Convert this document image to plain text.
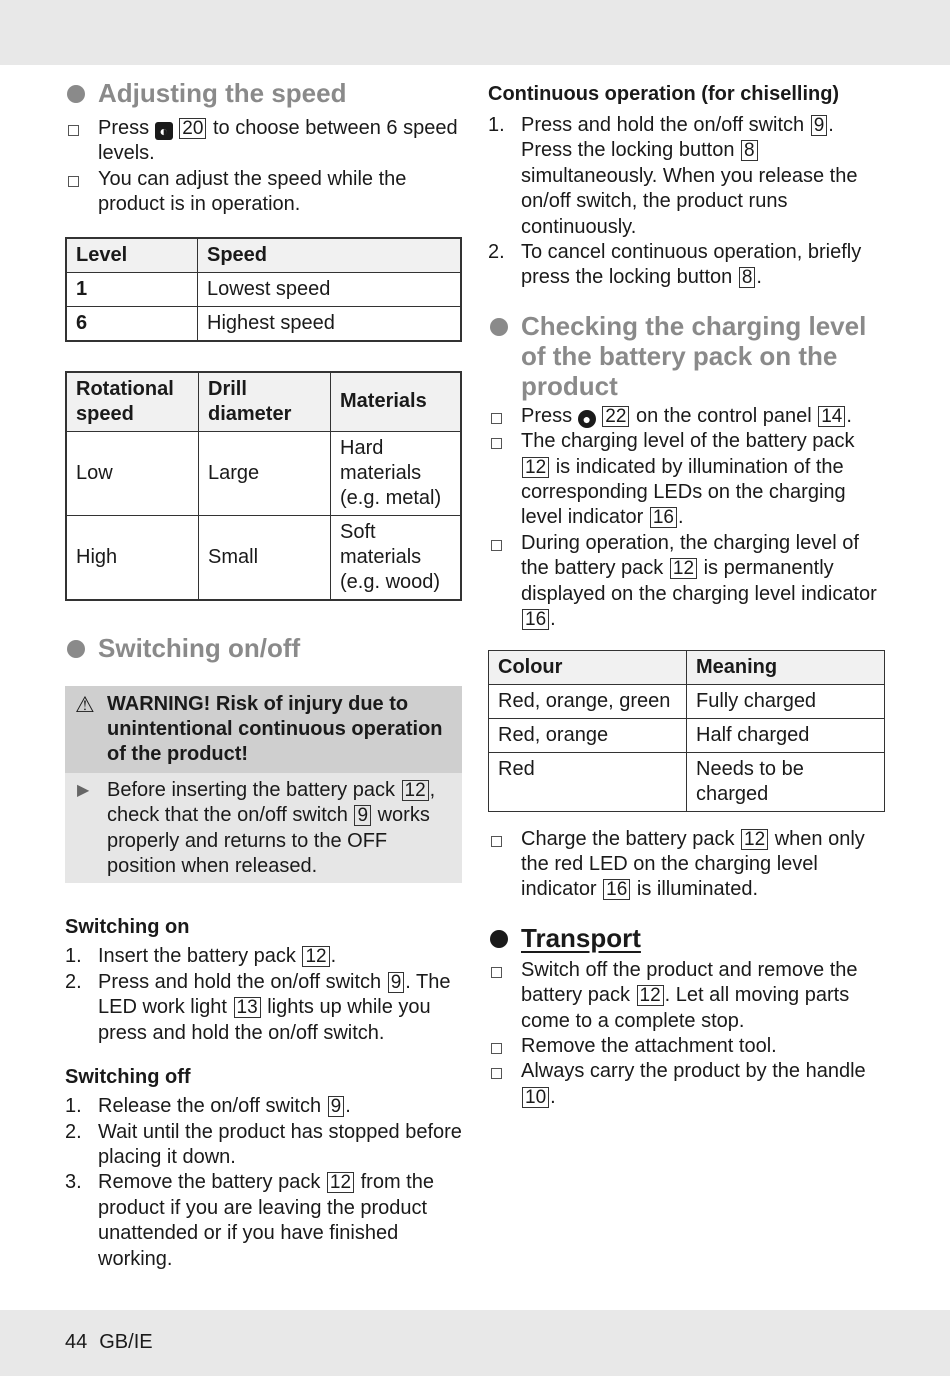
Adjusting the speed
Press ◐ 20 to choose between 6 speed levels.
You can adjust the speed while the product is in operation.
Level	Speed
1	Lowest speed
6	Highest speed
Rotational speed	Drill diameter	Materials
Low	Large	Hard materials (e.g. metal)
High	Small	Soft materials (e.g. wood)
Switching on/off
⚠ WARNING! Risk of injury due to unintentional continuous operation of the product!
▶ Before inserting the battery pack 12 , check that the on/off switch 9 works properly and returns to the OFF position when released.
Switching on
1. Insert the battery pack 12 .
2. Press and hold the on/off switch 9 . The LED work light 13 lights up while you press and hold the on/off switch.
Switching off
1. Release the on/off switch 9 .
2. Wait until the product has stopped before placing it down.
3. Remove the battery pack 12 from the product if you are leaving the product unattended or if you have finished working.
Continuous operation (for chiselling)
1. Press and hold the on/off switch 9 . Press the locking button 8 simultaneously. When you release the on/off switch, the product runs continuously.
2. To cancel continuous operation, briefly press the locking button 8 .
Checking the charging level of the battery pack on the product
Press ● 22 on the control panel 14 .
The charging level of the battery pack 12 is indicated by illumination of the corresponding LEDs on the charging level indicator 16 .
During operation, the charging level of the battery pack 12 is permanently displayed on the charging level indicator 16 .
Colour	Meaning
Red, orange, green	Fully charged
Red, orange	Half charged
Red	Needs to be charged
Charge the battery pack 12 when only the red LED on the charging level indicator 16 is illuminated.
Transport
Switch off the product and remove the battery pack 12 . Let all moving parts come to a complete stop.
Remove the attachment tool.
Always carry the product by the handle 10 .
44 GB/IE
